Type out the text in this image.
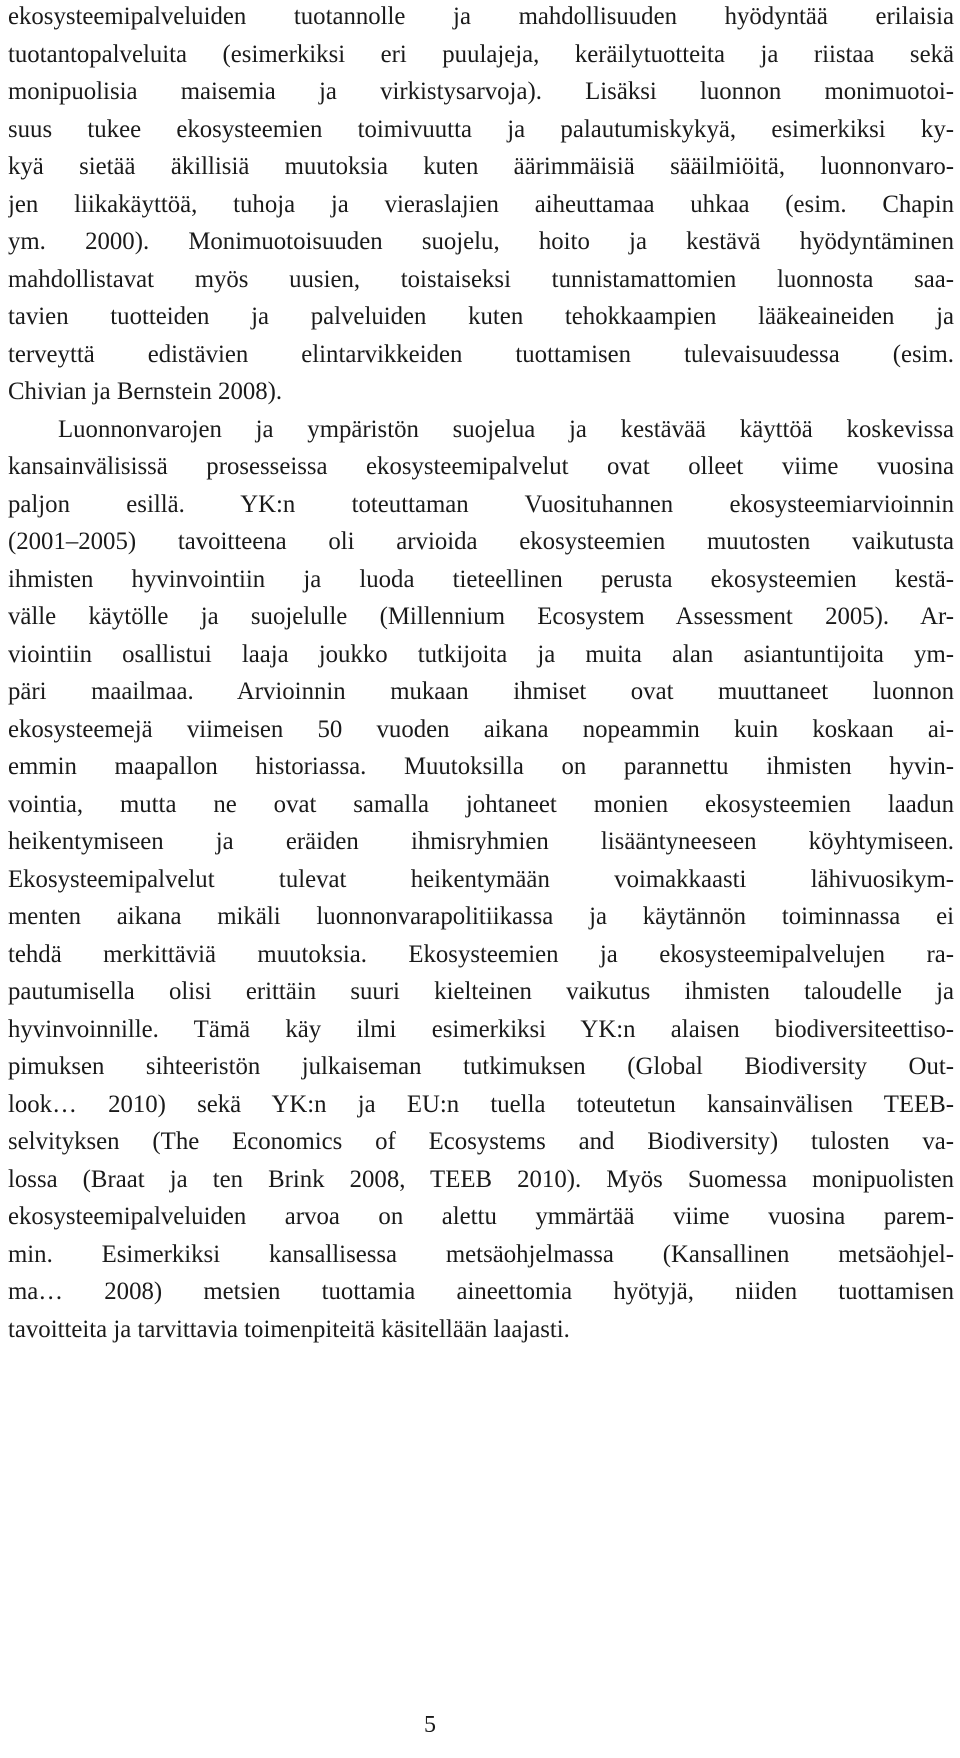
ekosysteemipalveluiden tuotannolle ja mahdollisuuden hyödyntää erilaisia
tuotantopalveluita (esimerkiksi eri puulajeja, keräilytuotteita ja riistaa sekä
monipuolisia maisemia ja virkistysarvoja). Lisäksi luonnon monimuotoi-
suus tukee ekosysteemien toimivuutta ja palautumiskykyä, esimerkiksi ky-
kyä sietää äkillisiä muutoksia kuten äärimmäisiä sääilmiöitä, luonnonvaro-
jen liikakäyttöä, tuhoja ja vieraslajien aiheuttamaa uhkaa (esim. Chapin
ym. 2000). Monimuotoisuuden suojelu, hoito ja kestävä hyödyntäminen
mahdollistavat myös uusien, toistaiseksi tunnistamattomien luonnosta saa-
tavien tuotteiden ja palveluiden kuten tehokkaampien lääkeaineiden ja
terveyttä edistävien elintarvikkeiden tuottamisen tulevaisuudessa (esim.
Chivian ja Bernstein 2008).
Luonnonvarojen ja ympäristön suojelua ja kestävää käyttöä koskevissa
kansainvälisissä prosesseissa ekosysteemipalvelut ovat olleet viime vuosina
paljon esillä. YK:n toteuttaman Vuosituhannen ekosysteemiarvioinnin
(2001–2005) tavoitteena oli arvioida ekosysteemien muutosten vaikutusta
ihmisten hyvinvointiin ja luoda tieteellinen perusta ekosysteemien kestä-
välle käytölle ja suojelulle (Millennium Ecosystem Assessment 2005). Ar-
viointiin osallistui laaja joukko tutkijoita ja muita alan asiantuntijoita ym-
päri maailmaa. Arvioinnin mukaan ihmiset ovat muuttaneet luonnon
ekosysteemejä viimeisen 50 vuoden aikana nopeammin kuin koskaan ai-
emmin maapallon historiassa. Muutoksilla on parannettu ihmisten hyvin-
vointia, mutta ne ovat samalla johtaneet monien ekosysteemien laadun
heikentymiseen ja eräiden ihmisryhmien lisääntyneeseen köyhtymiseen.
Ekosysteemipalvelut tulevat heikentymään voimakkaasti lähivuosikym-
menten aikana mikäli luonnonvarapolitiikassa ja käytännön toiminnassa ei
tehdä merkittäviä muutoksia. Ekosysteemien ja ekosysteemipalvelujen ra-
pautumisella olisi erittäin suuri kielteinen vaikutus ihmisten taloudelle ja
hyvinvoinnille. Tämä käy ilmi esimerkiksi YK:n alaisen biodiversiteettiso-
pimuksen sihteeristön julkaiseman tutkimuksen (Global Biodiversity Out-
look… 2010) sekä YK:n ja EU:n tuella toteutetun kansainvälisen TEEB-
selvityksen (The Economics of Ecosystems and Biodiversity) tulosten va-
lossa (Braat ja ten Brink 2008, TEEB 2010). Myös Suomessa monipuolisten
ekosysteemipalveluiden arvoa on alettu ymmärtää viime vuosina parem-
min. Esimerkiksi kansallisessa metsäohjelmassa (Kansallinen metsäohjel-
ma… 2008) metsien tuottamia aineettomia hyötyjä, niiden tuottamisen
tavoitteita ja tarvittavia toimenpiteitä käsitellään laajasti.
5
